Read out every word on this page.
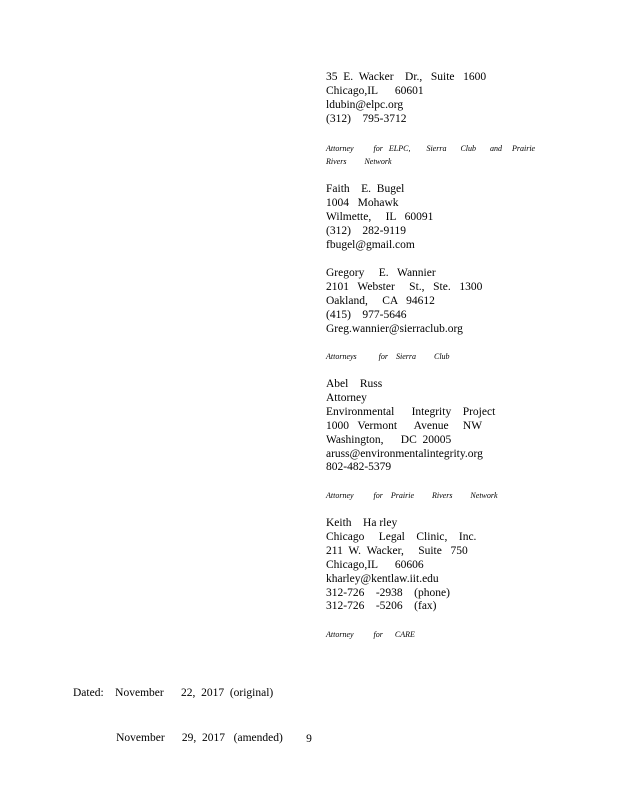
35  E.  Wacker    Dr.,   Suite   1600
Chicago,IL      60601
ldubin@elpc.org
(312)    795-3712
Attorney          for   ELPC,        Sierra       Club       and     Prairie
Rivers         Network
Faith    E.  Bugel
1004   Mohawk
Wilmette,     IL   60091
(312)    282-9119
fbugel@gmail.com
Gregory     E.   Wannier
2101   Webster     St.,   Ste.   1300
Oakland,     CA   94612
(415)    977-5646
Greg.wannier@sierraclub.org
Attorneys           for    Sierra         Club
Abel    Russ
Attorney
Environmental      Integrity    Project
1000   Vermont      Avenue     NW
Washington,      DC  20005
aruss@environmentalintegrity.org
802-482-5379
Attorney          for    Prairie         Rivers         Network
Keith    Ha rley
Chicago     Legal    Clinic,    Inc.
211  W.  Wacker,     Suite   750
Chicago,IL      60606
kharley@kentlaw.iit.edu
312-726    -2938    (phone)
312-726    -5206    (fax)
Attorney          for      CARE

Dated:    November      22,  2017  (original)

November      29,  2017   (amended)	9
